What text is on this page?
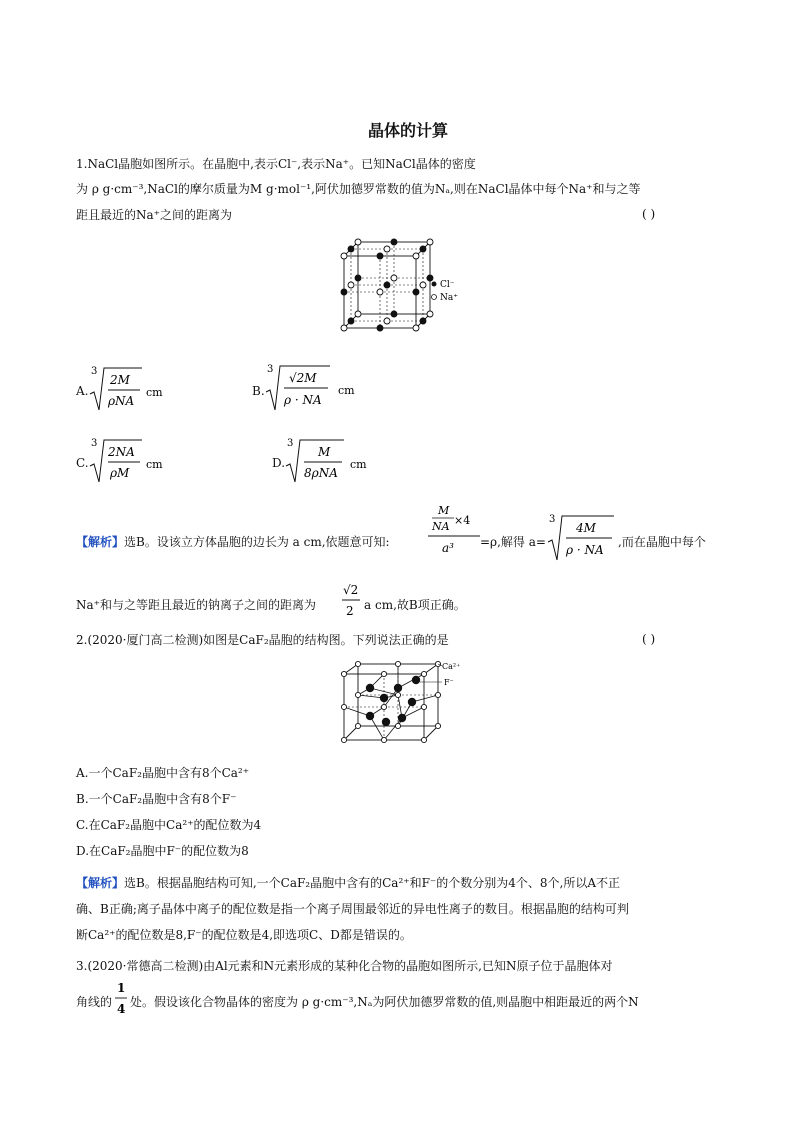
晶体的计算
1.NaCl晶胞如图所示。在晶胞中,表示Cl⁻,表示Na⁺。已知NaCl晶体的密度
为 ρ g·cm⁻³,NaCl的摩尔质量为M g·mol⁻¹,阿伏加德罗常数的值为Nₐ,则在NaCl晶体中每个Na⁺和与之等
距且最近的Na⁺之间的距离为	( )
Cl⁻
Na⁺
A.
3
2M
ρNA
cm	B.
3
√2M
ρ · NA
cm
C.
3
2NA
ρM
cm	D.
3
M
8ρNA
cm
【解析】选B。设该立方体晶胞的边长为 a cm,依题意可知:
M
NA ×4
a³ =ρ,解得 a=
3
4M
ρ · NA
,而在晶胞中每个
Na⁺和与之等距且最近的钠离子之间的距离为
√2
2 a cm,故B项正确。
2.(2020·厦门高二检测)如图是CaF₂晶胞的结构图。下列说法正确的是	( )
Ca²⁺
F⁻
A.一个CaF₂晶胞中含有8个Ca²⁺
B.一个CaF₂晶胞中含有8个F⁻
C.在CaF₂晶胞中Ca²⁺的配位数为4
D.在CaF₂晶胞中F⁻的配位数为8
【解析】选B。根据晶胞结构可知,一个CaF₂晶胞中含有的Ca²⁺和F⁻的个数分别为4个、8个,所以A不正
确、B正确;离子晶体中离子的配位数是指一个离子周围最邻近的异电性离子的数目。根据晶胞的结构可判
断Ca²⁺的配位数是8,F⁻的配位数是4,即选项C、D都是错误的。
3.(2020·常德高二检测)由Al元素和N元素形成的某种化合物的晶胞如图所示,已知N原子位于晶胞体对
角线的
1
4 处。假设该化合物晶体的密度为 ρ g·cm⁻³,Nₐ为阿伏加德罗常数的值,则晶胞中相距最近的两个N
